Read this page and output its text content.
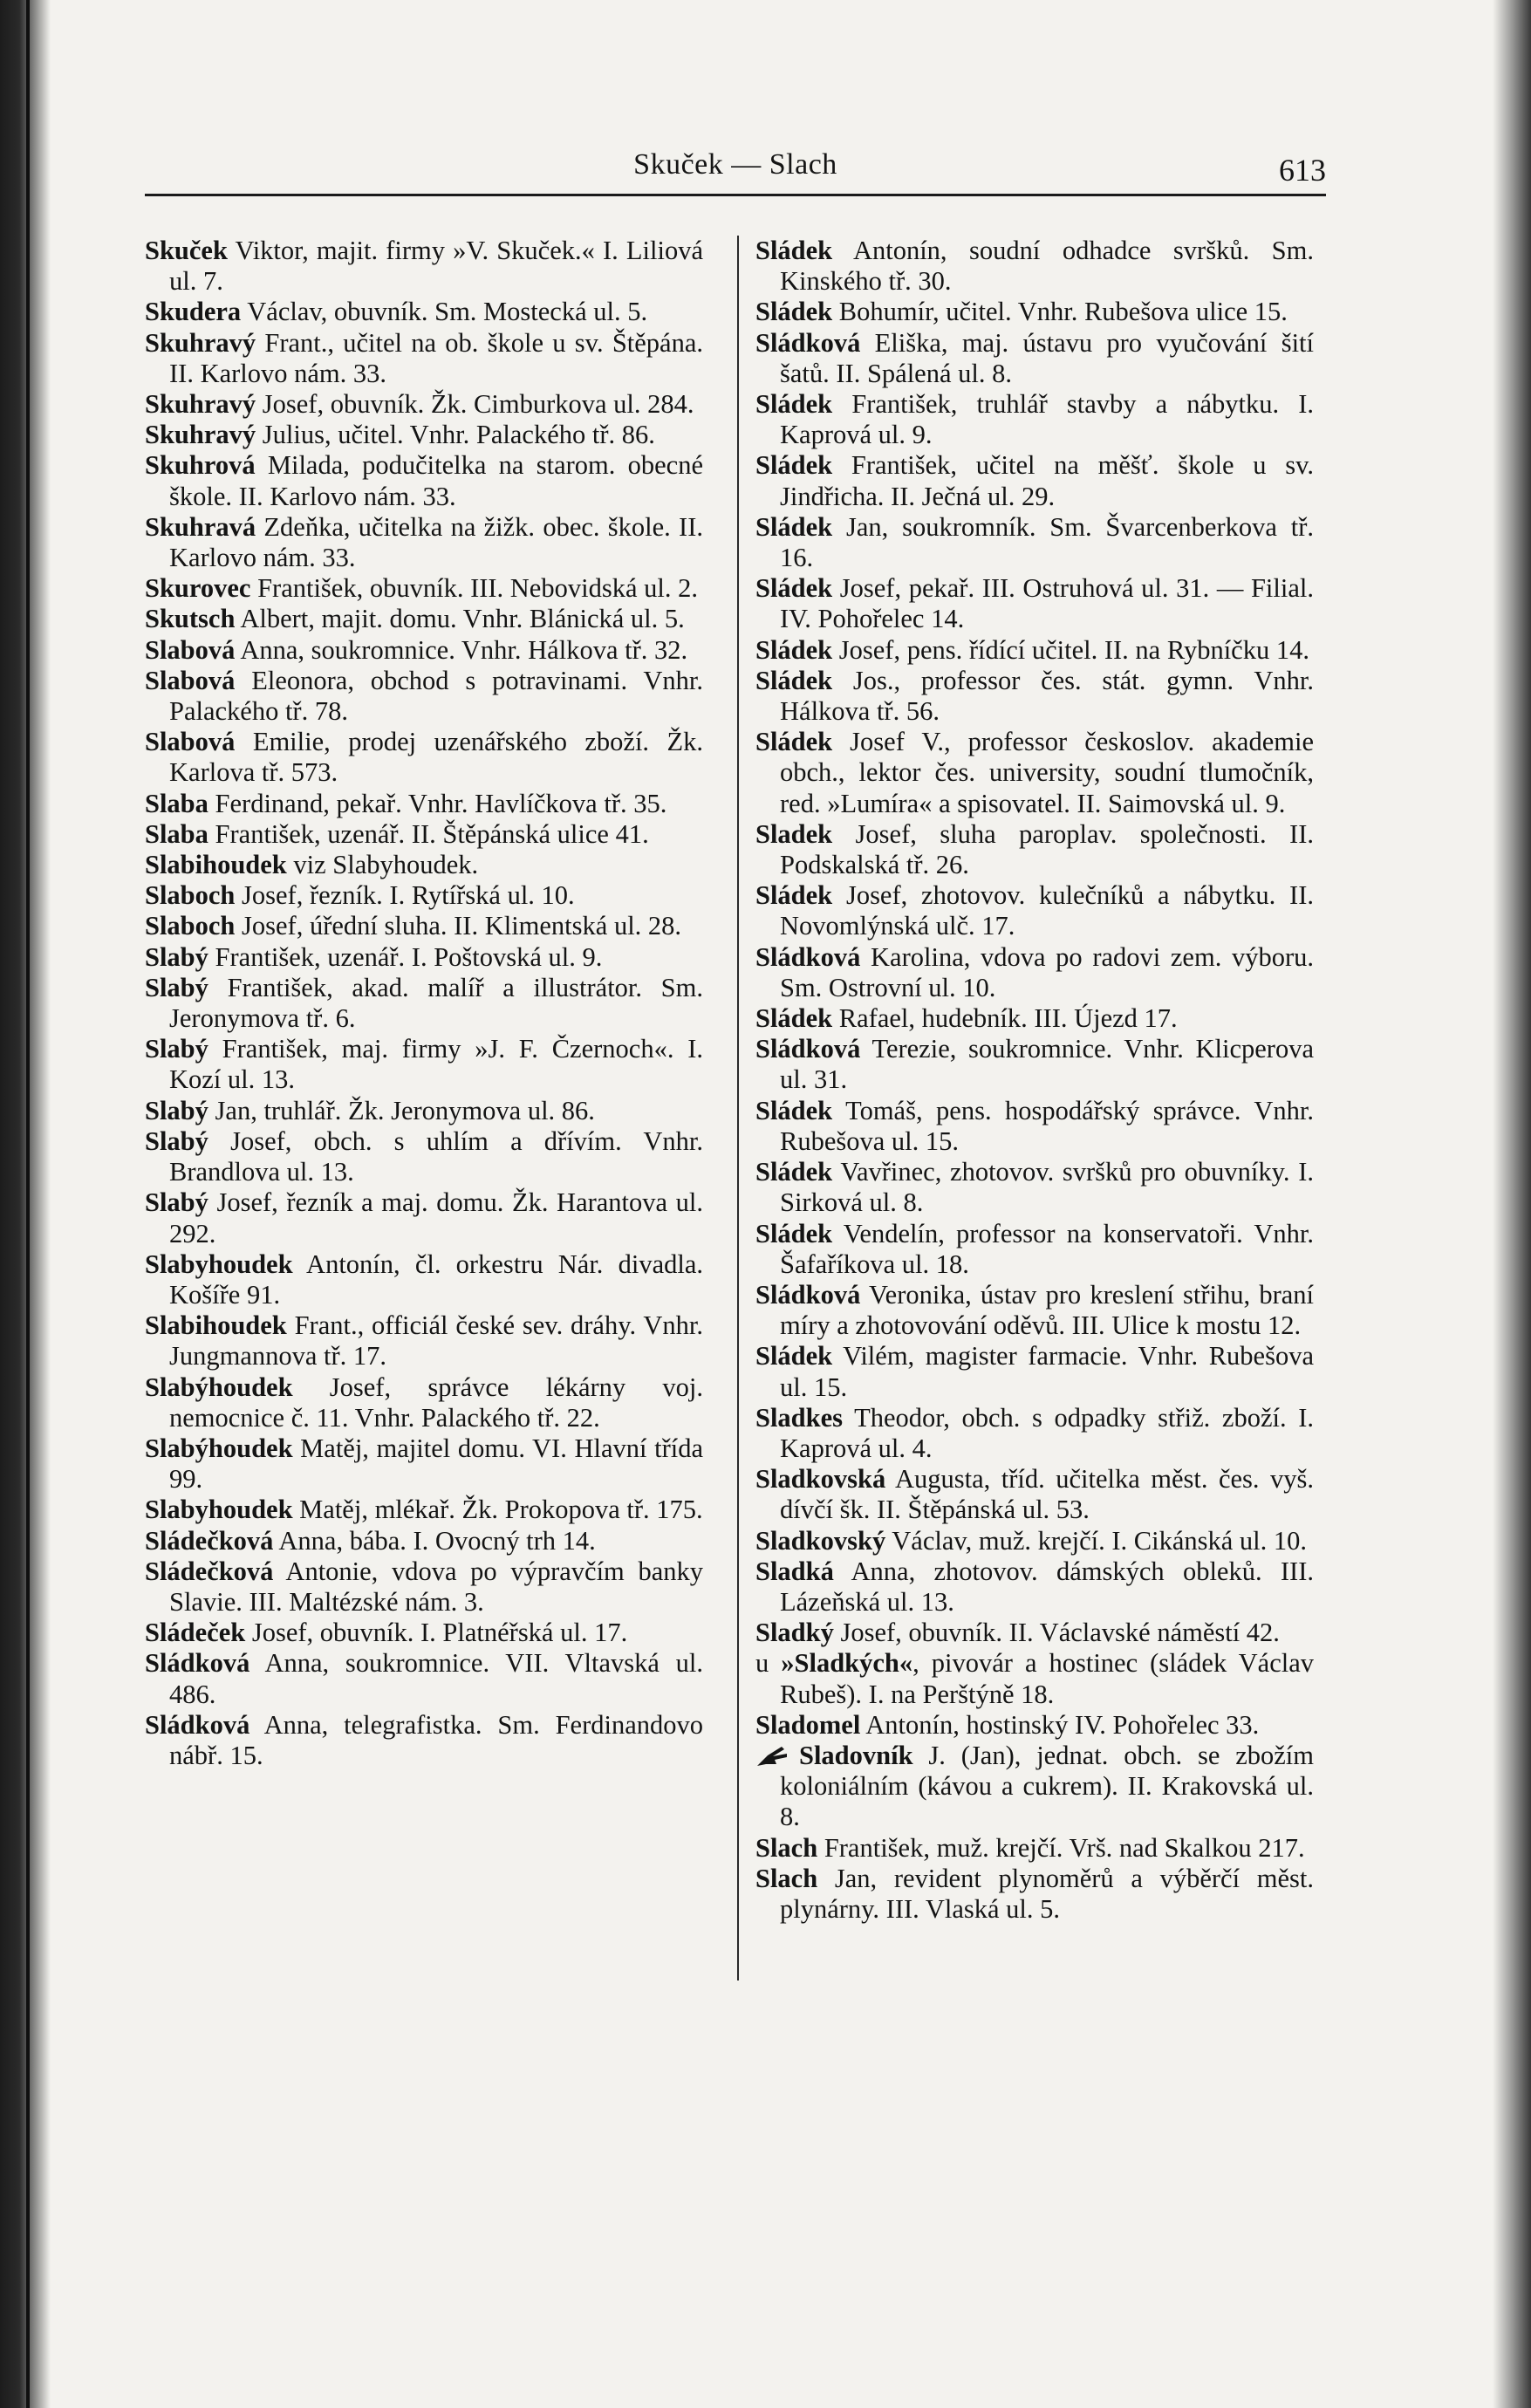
Skuček — Slach	613

Skuček Viktor, majit. firmy »V. Skuček.« I. Liliová ul. 7.

Skudera Václav, obuvník. Sm. Mostecká ul. 5.

Skuhravý Frant., učitel na ob. škole u sv. Štěpána. II. Karlovo nám. 33.

Skuhravý Josef, obuvník. Žk. Cimburkova ul. 284.

Skuhravý Julius, učitel. Vnhr. Palackého tř. 86.

Skuhrová Milada, podučitelka na starom. obecné škole. II. Karlovo nám. 33.

Skuhravá Zdeňka, učitelka na žižk. obec. škole. II. Karlovo nám. 33.

Skurovec František, obuvník. III. Nebovidská ul. 2.

Skutsch Albert, majit. domu. Vnhr. Blánická ul. 5.

Slabová Anna, soukromnice. Vnhr. Hálkova tř. 32.

Slabová Eleonora, obchod s potravinami. Vnhr. Palackého tř. 78.

Slabová Emilie, prodej uzenářského zboží. Žk. Karlova tř. 573.

Slaba Ferdinand, pekař. Vnhr. Havlíčkova tř. 35.

Slaba František, uzenář. II. Štěpánská ulice 41.

Slabihoudek viz Slabyhoudek.

Slaboch Josef, řezník. I. Rytířská ul. 10.

Slaboch Josef, úřední sluha. II. Klimentská ul. 28.

Slabý František, uzenář. I. Poštovská ul. 9.

Slabý František, akad. malíř a illustrátor. Sm. Jeronymova tř. 6.

Slabý František, maj. firmy »J. F. Čzernoch«. I. Kozí ul. 13.

Slabý Jan, truhlář. Žk. Jeronymova ul. 86.

Slabý Josef, obch. s uhlím a dřívím. Vnhr. Brandlova ul. 13.

Slabý Josef, řezník a maj. domu. Žk. Harantova ul. 292.

Slabyhoudek Antonín, čl. orkestru Nár. divadla. Košíře 91.

Slabihoudek Frant., officiál české sev. dráhy. Vnhr. Jungmannova tř. 17.

Slabýhoudek Josef, správce lékárny voj. nemocnice č. 11. Vnhr. Palackého tř. 22.

Slabýhoudek Matěj, majitel domu. VI. Hlavní třída 99.

Slabyhoudek Matěj, mlékař. Žk. Prokopova tř. 175.

Sládečková Anna, bába. I. Ovocný trh 14.

Sládečková Antonie, vdova po výpravčím banky Slavie. III. Maltézské nám. 3.

Sládeček Josef, obuvník. I. Platnéřská ul. 17.

Sládková Anna, soukromnice. VII. Vltavská ul. 486.

Sládková Anna, telegrafistka. Sm. Ferdinandovo nábř. 15.

Sládek Antonín, soudní odhadce svršků. Sm. Kinského tř. 30.

Sládek Bohumír, učitel. Vnhr. Rubešova ulice 15.

Sládková Eliška, maj. ústavu pro vyučování šití šatů. II. Spálená ul. 8.

Sládek František, truhlář stavby a nábytku. I. Kaprová ul. 9.

Sládek František, učitel na měšť. škole u sv. Jindřicha. II. Ječná ul. 29.

Sládek Jan, soukromník. Sm. Švarcenberkova tř. 16.

Sládek Josef, pekař. III. Ostruhová ul. 31. — Filial. IV. Pohořelec 14.

Sládek Josef, pens. řídící učitel. II. na Rybníčku 14.

Sládek Jos., professor čes. stát. gymn. Vnhr. Hálkova tř. 56.

Sládek Josef V., professor českoslov. akademie obch., lektor čes. university, soudní tlumočník, red. »Lumíra« a spisovatel. II. Saimovská ul. 9.

Sladek Josef, sluha paroplav. společnosti. II. Podskalská tř. 26.

Sládek Josef, zhotovov. kulečníků a nábytku. II. Novomlýnská ulč. 17.

Sládková Karolina, vdova po radovi zem. výboru. Sm. Ostrovní ul. 10.

Sládek Rafael, hudebník. III. Újezd 17.

Sládková Terezie, soukromnice. Vnhr. Klicperova ul. 31.

Sládek Tomáš, pens. hospodářský správce. Vnhr. Rubešova ul. 15.

Sládek Vavřinec, zhotovov. svršků pro obuvníky. I. Sirková ul. 8.

Sládek Vendelín, professor na konservatoři. Vnhr. Šafaříkova ul. 18.

Sládková Veronika, ústav pro kreslení střihu, braní míry a zhotovování oděvů. III. Ulice k mostu 12.

Sládek Vilém, magister farmacie. Vnhr. Rubešova ul. 15.

Sladkes Theodor, obch. s odpadky střiž. zboží. I. Kaprová ul. 4.

Sladkovská Augusta, tříd. učitelka měst. čes. vyš. dívčí šk. II. Štěpánská ul. 53.

Sladkovský Václav, muž. krejčí. I. Cikánská ul. 10.

Sladká Anna, zhotovov. dámských obleků. III. Lázeňská ul. 13.

Sladký Josef, obuvník. II. Václavské náměstí 42.

u »Sladkých«, pivovár a hostinec (sládek Václav Rubeš). I. na Perštýně 18.

Sladomel Antonín, hostinský IV. Pohořelec 33.

Sladovník J. (Jan), jednat. obch. se zbožím koloniálním (kávou a cukrem). II. Krakovská ul. 8.

Slach František, muž. krejčí. Vrš. nad Skalkou 217.

Slach Jan, revident plynoměrů a výběrčí měst. plynárny. III. Vlaská ul. 5.
